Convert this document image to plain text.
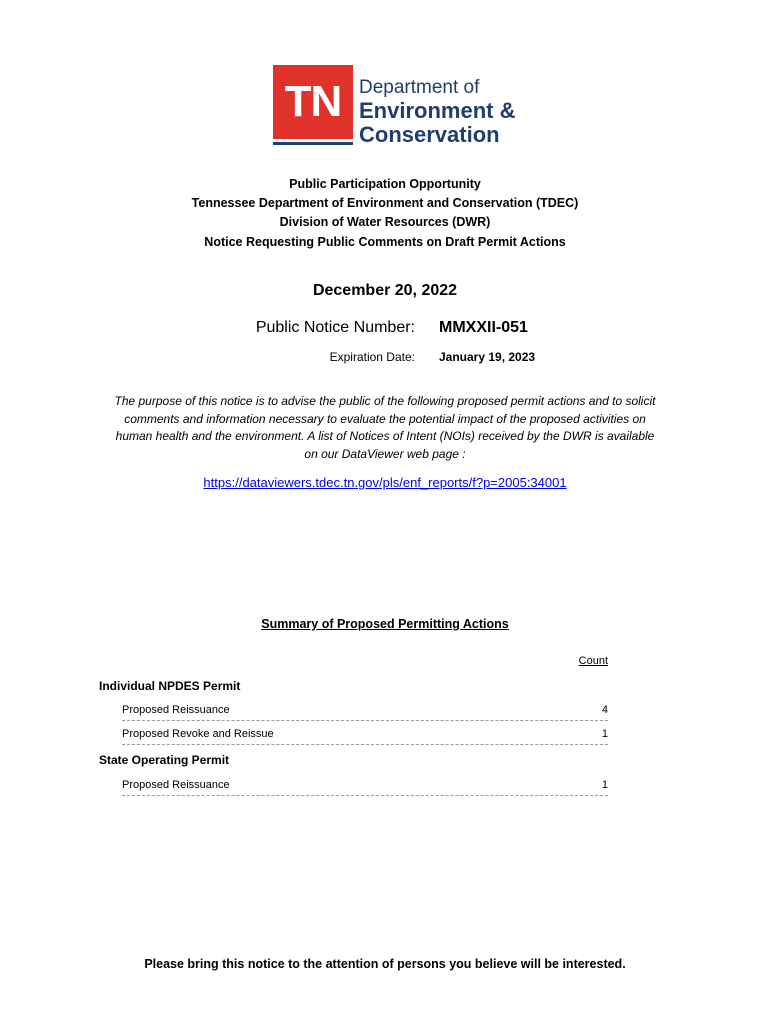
TN Department of
Environment &
Conservation
Public Participation Opportunity
Tennessee Department of Environment and Conservation (TDEC)
Division of Water Resources (DWR)
Notice Requesting Public Comments on Draft Permit Actions
December 20, 2022
Public Notice Number: MMXXII-051
Expiration Date: January 19, 2023
The purpose of this notice is to advise the public of the following proposed permit actions and to solicit
comments and information necessary to evaluate the potential impact of the proposed activities on
human health and the environment. A list of Notices of Intent (NOIs) received by the DWR is available
on our DataViewer web page :
https://dataviewers.tdec.tn.gov/pls/enf_reports/f?p=2005:34001
Summary of Proposed Permitting Actions
Count
Individual NPDES Permit
Proposed Reissuance	4
Proposed Revoke and Reissue	1
State Operating Permit
Proposed Reissuance	1
Please bring this notice to the attention of persons you believe will be interested.
